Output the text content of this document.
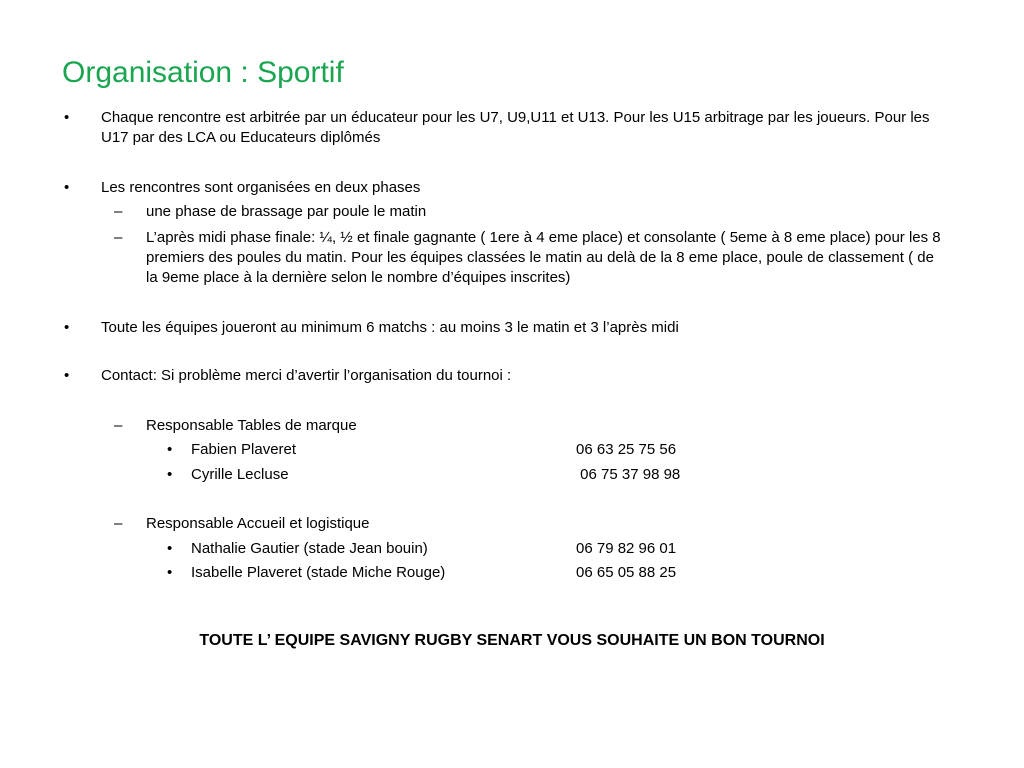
Organisation : Sportif
• Chaque rencontre est arbitrée par un éducateur pour les U7, U9,U11 et U13. Pour les U15 arbitrage par les joueurs. Pour les U17 par des LCA ou Educateurs diplômés

• Les rencontres sont organisées en deux phases

– une phase de brassage par poule le matin

– L’après midi phase finale: ¼, ½ et finale gagnante ( 1ere à 4 eme place) et consolante ( 5eme à 8 eme place) pour les 8 premiers des poules du matin. Pour les équipes classées le matin au delà de la 8 eme place, poule de classement ( de la 9eme place à la dernière selon le nombre d’équipes inscrites)

• Toute les équipes joueront au minimum 6 matchs : au moins 3 le matin et 3 l’après midi

• Contact: Si problème merci d’avertir l’organisation du tournoi :

– Responsable Tables de marque

• Fabien Plaveret	06 63 25 75 56

• Cyrille Lecluse	06 75 37 98 98

– Responsable Accueil et logistique

• Nathalie Gautier (stade Jean bouin)	06 79 82 96 01

• Isabelle Plaveret (stade Miche Rouge)	06 65 05 88 25

TOUTE L’ EQUIPE SAVIGNY RUGBY SENART VOUS SOUHAITE UN BON TOURNOI
